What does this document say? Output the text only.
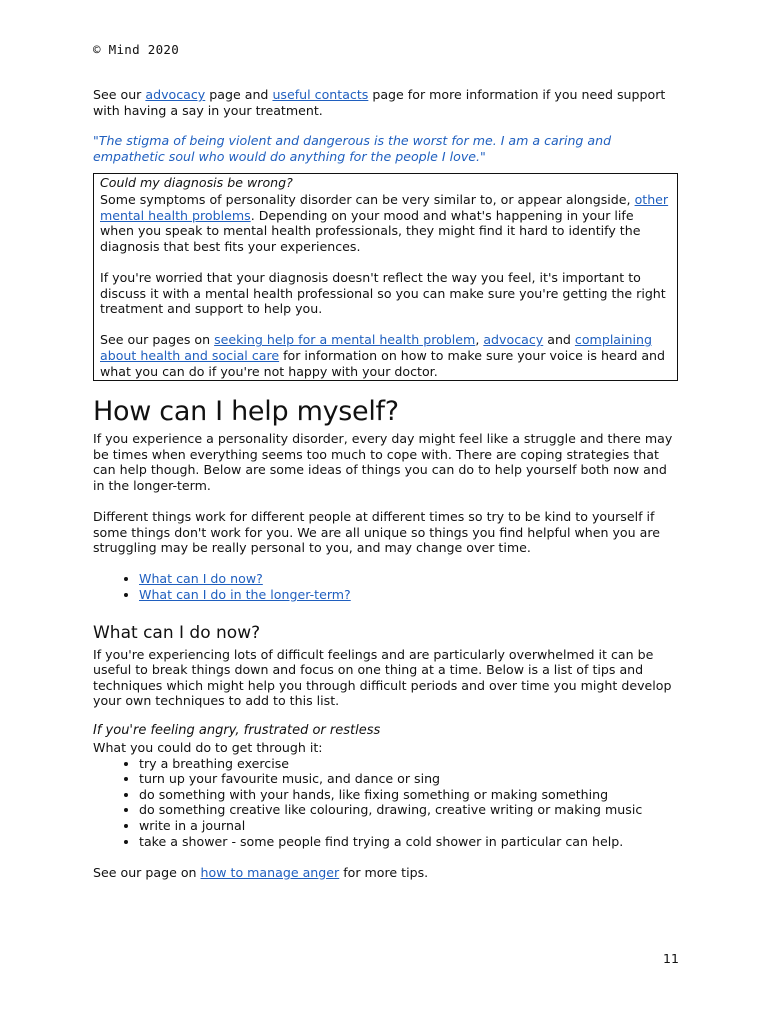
© Mind 2020

See our advocacy page and useful contacts page for more information if you need support with having a say in your treatment.

"The stigma of being violent and dangerous is the worst for me. I am a caring and empathetic soul who would do anything for the people I love."

Could my diagnosis be wrong?

Some symptoms of personality disorder can be very similar to, or appear alongside, other mental health problems. Depending on your mood and what's happening in your life when you speak to mental health professionals, they might find it hard to identify the diagnosis that best fits your experiences.

If you're worried that your diagnosis doesn't reflect the way you feel, it's important to discuss it with a mental health professional so you can make sure you're getting the right treatment and support to help you.

See our pages on seeking help for a mental health problem, advocacy and complaining about health and social care for information on how to make sure your voice is heard and what you can do if you're not happy with your doctor.

How can I help myself?

If you experience a personality disorder, every day might feel like a struggle and there may be times when everything seems too much to cope with. There are coping strategies that can help though. Below are some ideas of things you can do to help yourself both now and in the longer-term.

Different things work for different people at different times so try to be kind to yourself if some things don't work for you. We are all unique so things you find helpful when you are struggling may be really personal to you, and may change over time.

• What can I do now?
• What can I do in the longer-term?
What can I do now?

If you're experiencing lots of difficult feelings and are particularly overwhelmed it can be useful to break things down and focus on one thing at a time. Below is a list of tips and techniques which might help you through difficult periods and over time you might develop your own techniques to add to this list.

If you're feeling angry, frustrated or restless

What you could do to get through it:

• try a breathing exercise
• turn up your favourite music, and dance or sing
• do something with your hands, like fixing something or making something
• do something creative like colouring, drawing, creative writing or making music
• write in a journal
• take a shower - some people find trying a cold shower in particular can help.

See our page on how to manage anger for more tips.

11
